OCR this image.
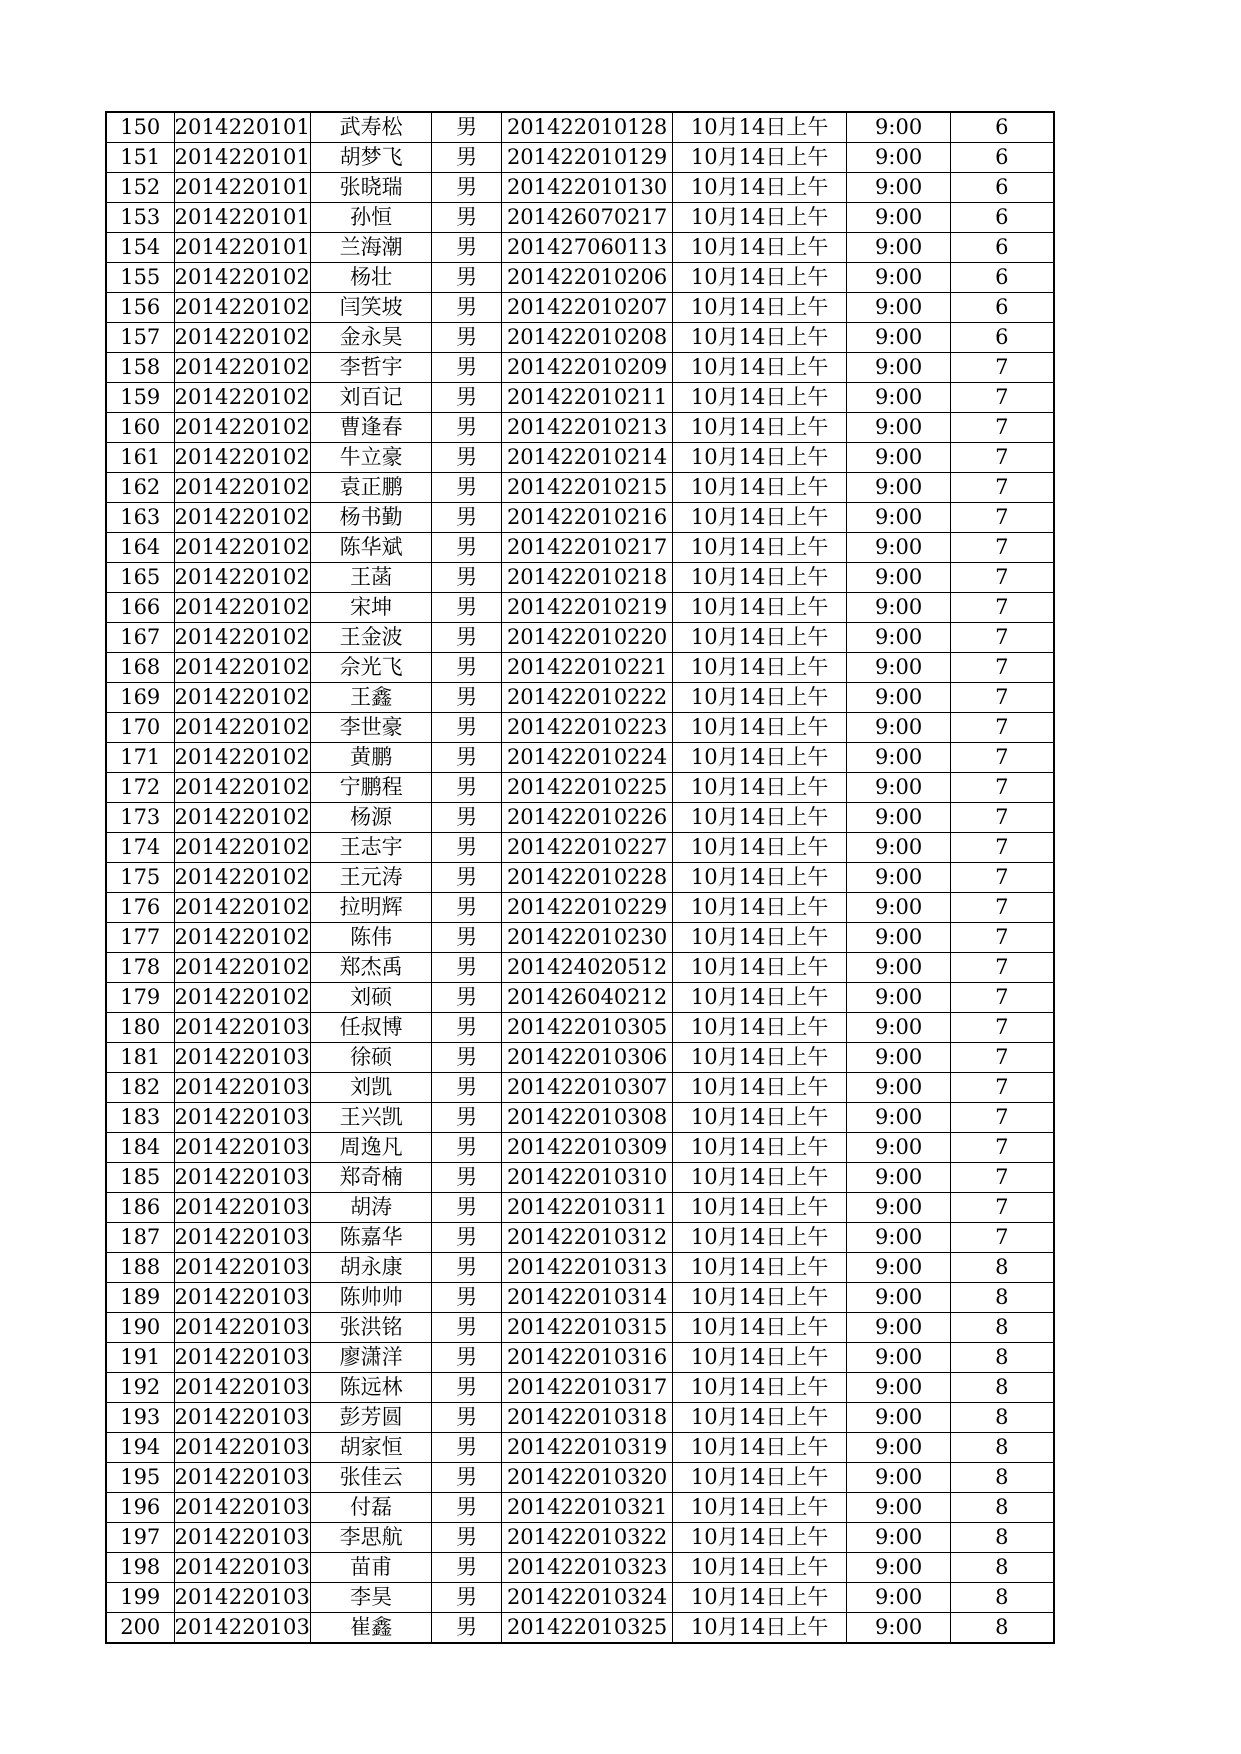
150	2014220101	武寿松	男	201422010128	10月14日上午	9:00	6
151	2014220101	胡梦飞	男	201422010129	10月14日上午	9:00	6
152	2014220101	张晓瑞	男	201422010130	10月14日上午	9:00	6
153	2014220101	孙恒	男	201426070217	10月14日上午	9:00	6
154	2014220101	兰海潮	男	201427060113	10月14日上午	9:00	6
155	2014220102	杨壮	男	201422010206	10月14日上午	9:00	6
156	2014220102	闫笑坡	男	201422010207	10月14日上午	9:00	6
157	2014220102	金永昊	男	201422010208	10月14日上午	9:00	6
158	2014220102	李哲宇	男	201422010209	10月14日上午	9:00	7
159	2014220102	刘百记	男	201422010211	10月14日上午	9:00	7
160	2014220102	曹逢春	男	201422010213	10月14日上午	9:00	7
161	2014220102	牛立豪	男	201422010214	10月14日上午	9:00	7
162	2014220102	袁正鹏	男	201422010215	10月14日上午	9:00	7
163	2014220102	杨书勤	男	201422010216	10月14日上午	9:00	7
164	2014220102	陈华斌	男	201422010217	10月14日上午	9:00	7
165	2014220102	王菡	男	201422010218	10月14日上午	9:00	7
166	2014220102	宋坤	男	201422010219	10月14日上午	9:00	7
167	2014220102	王金波	男	201422010220	10月14日上午	9:00	7
168	2014220102	佘光飞	男	201422010221	10月14日上午	9:00	7
169	2014220102	王鑫	男	201422010222	10月14日上午	9:00	7
170	2014220102	李世豪	男	201422010223	10月14日上午	9:00	7
171	2014220102	黄鹏	男	201422010224	10月14日上午	9:00	7
172	2014220102	宁鹏程	男	201422010225	10月14日上午	9:00	7
173	2014220102	杨源	男	201422010226	10月14日上午	9:00	7
174	2014220102	王志宇	男	201422010227	10月14日上午	9:00	7
175	2014220102	王元涛	男	201422010228	10月14日上午	9:00	7
176	2014220102	拉明辉	男	201422010229	10月14日上午	9:00	7
177	2014220102	陈伟	男	201422010230	10月14日上午	9:00	7
178	2014220102	郑杰禹	男	201424020512	10月14日上午	9:00	7
179	2014220102	刘硕	男	201426040212	10月14日上午	9:00	7
180	2014220103	任叔博	男	201422010305	10月14日上午	9:00	7
181	2014220103	徐硕	男	201422010306	10月14日上午	9:00	7
182	2014220103	刘凯	男	201422010307	10月14日上午	9:00	7
183	2014220103	王兴凯	男	201422010308	10月14日上午	9:00	7
184	2014220103	周逸凡	男	201422010309	10月14日上午	9:00	7
185	2014220103	郑奇楠	男	201422010310	10月14日上午	9:00	7
186	2014220103	胡涛	男	201422010311	10月14日上午	9:00	7
187	2014220103	陈嘉华	男	201422010312	10月14日上午	9:00	7
188	2014220103	胡永康	男	201422010313	10月14日上午	9:00	8
189	2014220103	陈帅帅	男	201422010314	10月14日上午	9:00	8
190	2014220103	张洪铭	男	201422010315	10月14日上午	9:00	8
191	2014220103	廖潇洋	男	201422010316	10月14日上午	9:00	8
192	2014220103	陈远林	男	201422010317	10月14日上午	9:00	8
193	2014220103	彭芳圆	男	201422010318	10月14日上午	9:00	8
194	2014220103	胡家恒	男	201422010319	10月14日上午	9:00	8
195	2014220103	张佳云	男	201422010320	10月14日上午	9:00	8
196	2014220103	付磊	男	201422010321	10月14日上午	9:00	8
197	2014220103	李思航	男	201422010322	10月14日上午	9:00	8
198	2014220103	苗甫	男	201422010323	10月14日上午	9:00	8
199	2014220103	李昊	男	201422010324	10月14日上午	9:00	8
200	2014220103	崔鑫	男	201422010325	10月14日上午	9:00	8
